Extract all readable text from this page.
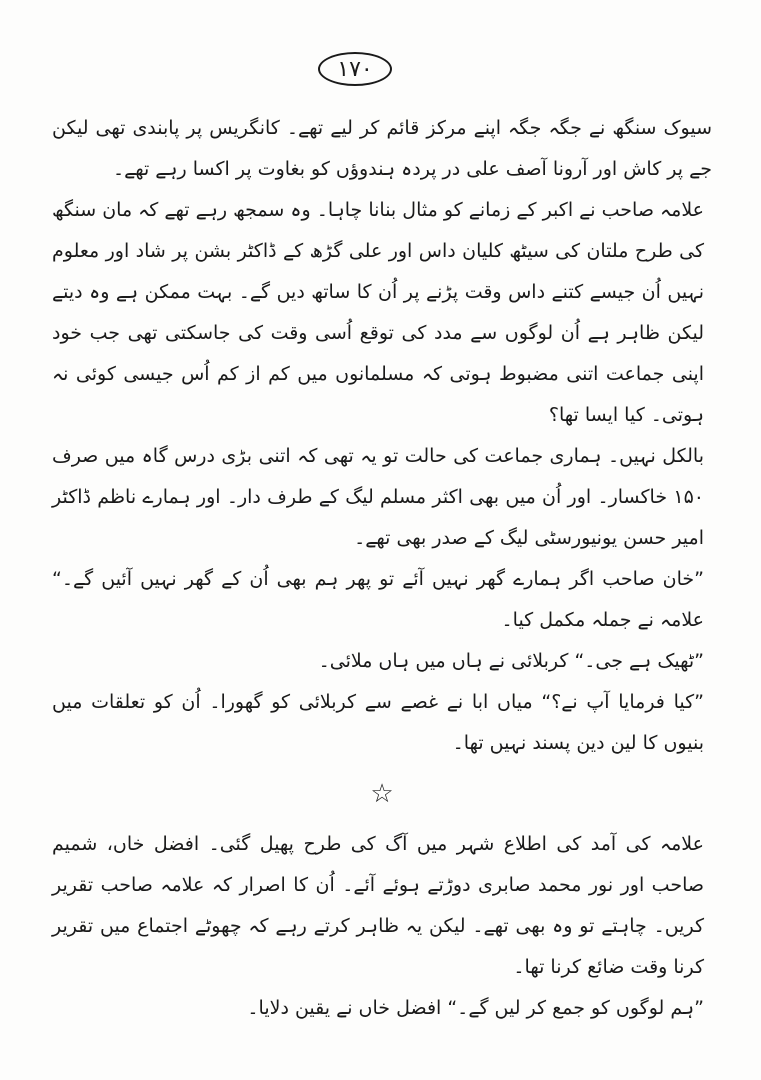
۱۷۰

سیوک سنگھ نے جگہ جگہ اپنے مرکز قائم کر لیے تھے۔ کانگریس پر پابندی تھی لیکن جے پر کاش اور آرونا آصف علی در پردہ ہندوؤں کو بغاوت پر اکسا رہے تھے۔

علامہ صاحب نے اکبر کے زمانے کو مثال بنانا چاہا۔ وہ سمجھ رہے تھے کہ مان سنگھ کی طرح ملتان کی سیٹھ کلیان داس اور علی گڑھ کے ڈاکٹر بشن پر شاد اور معلوم نہیں اُن جیسے کتنے داس وقت پڑنے پر اُن کا ساتھ دیں گے۔ بہت ممکن ہے وہ دیتے لیکن ظاہر ہے اُن لوگوں سے مدد کی توقع اُسی وقت کی جاسکتی تھی جب خود اپنی جماعت اتنی مضبوط ہوتی کہ مسلمانوں میں کم از کم اُس جیسی کوئی نہ ہوتی۔ کیا ایسا تھا؟

بالکل نہیں۔ ہماری جماعت کی حالت تو یہ تھی کہ اتنی بڑی درس گاہ میں صرف ۱۵۰ خاکسار۔ اور اُن میں بھی اکثر مسلم لیگ کے طرف دار۔ اور ہمارے ناظم ڈاکٹر امیر حسن یونیورسٹی لیگ کے صدر بھی تھے۔

”خان صاحب اگر ہمارے گھر نہیں آئے تو پھر ہم بھی اُن کے گھر نہیں آئیں گے۔“ علامہ نے جملہ مکمل کیا۔

”ٹھیک ہے جی۔“ کربلائی نے ہاں میں ہاں ملائی۔

”کیا فرمایا آپ نے؟“ میاں ابا نے غصے سے کربلائی کو گھورا۔ اُن کو تعلقات میں بنیوں کا لین دین پسند نہیں تھا۔

☆

علامہ کی آمد کی اطلاع شہر میں آگ کی طرح پھیل گئی۔ افضل خاں، شمیم صاحب اور نور محمد صابری دوڑتے ہوئے آئے۔ اُن کا اصرار کہ علامہ صاحب تقریر کریں۔ چاہتے تو وہ بھی تھے۔ لیکن یہ ظاہر کرتے رہے کہ چھوٹے اجتماع میں تقریر کرنا وقت ضائع کرنا تھا۔

”ہم لوگوں کو جمع کر لیں گے۔“ افضل خاں نے یقین دلایا۔
